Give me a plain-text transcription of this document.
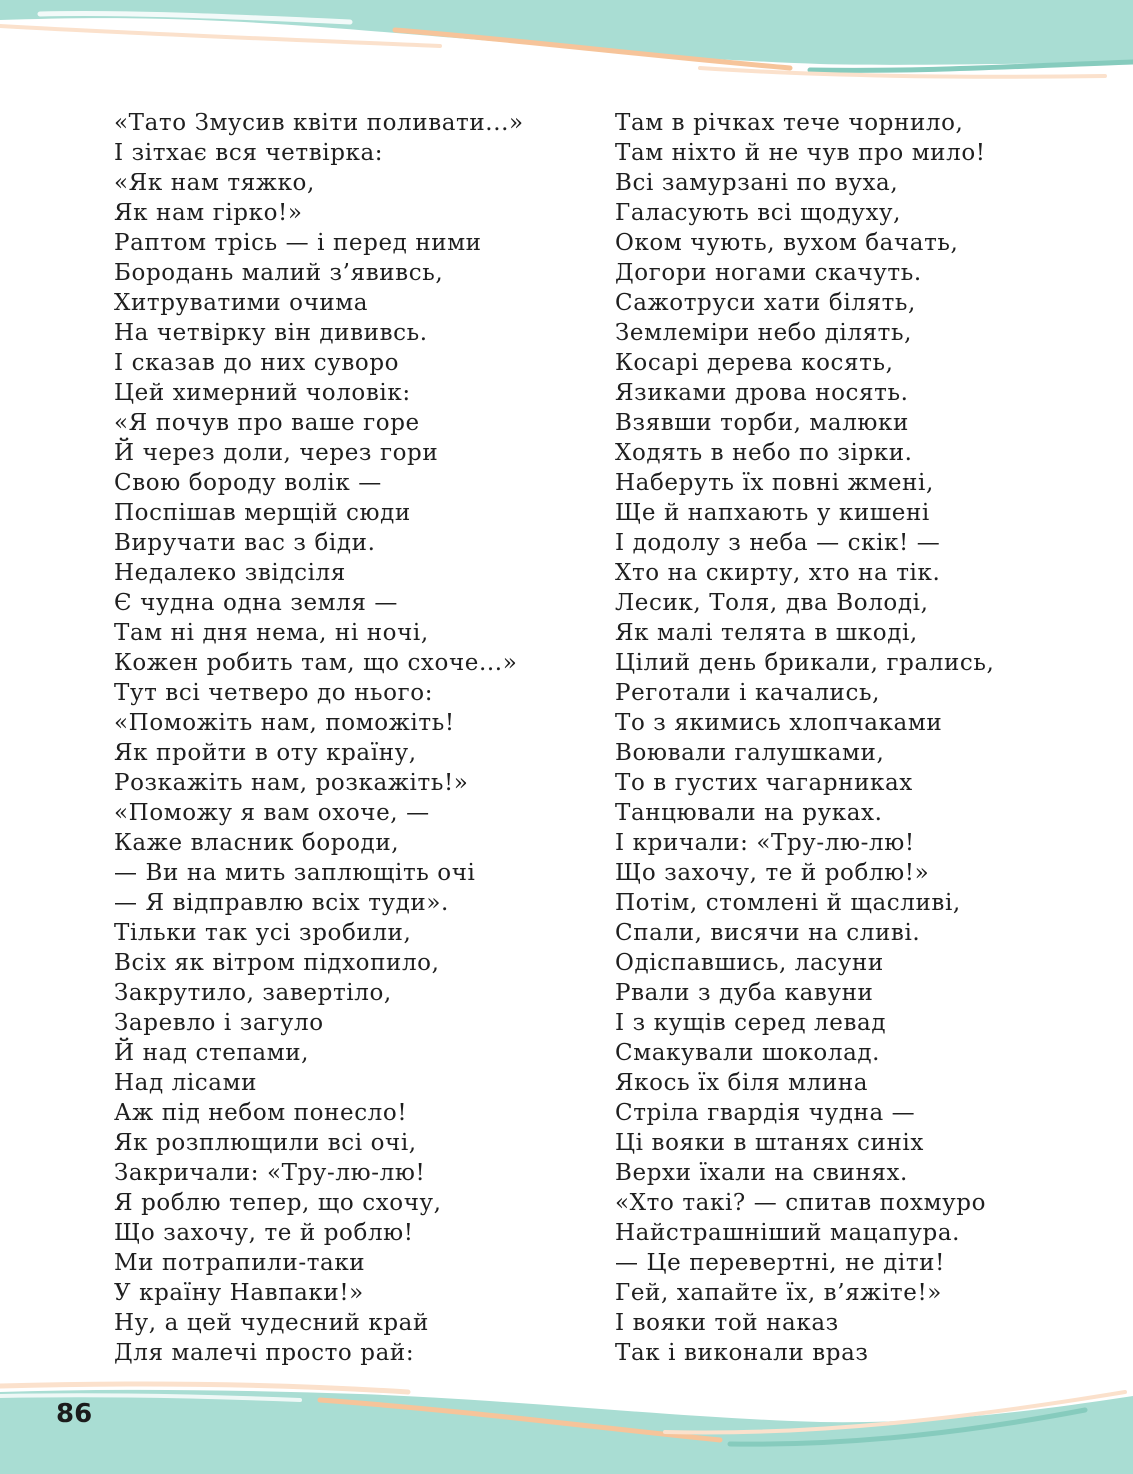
«Тато Змусив квіти поливати...»
І зітхає вся четвірка:
«Як нам тяжко,
Як нам гірко!»
Раптом трісь — і перед ними
Бородань малий з’явивсь,
Хитруватими очима
На четвірку він дививсь.
І сказав до них суворо
Цей химерний чоловік:
«Я почув про ваше горе
Й через доли, через гори
Свою бороду волік —
Поспішав мерщій сюди
Виручати вас з біди.
Недалеко звідсіля
Є чудна одна земля —
Там ні дня нема, ні ночі,
Кожен робить там, що схоче...»
Тут всі четверо до нього:
«Поможіть нам, поможіть!
Як пройти в оту країну,
Розкажіть нам, розкажіть!»
«Поможу я вам охоче, —
Каже власник бороди,
— Ви на мить заплющіть очі
— Я відправлю всіх туди».
Тільки так усі зробили,
Всіх як вітром підхопило,
Закрутило, завертіло,
Заревло і загуло
Й над степами,
Над лісами
Аж під небом понесло!
Як розплющили всі очі,
Закричали: «Тру-лю-лю!
Я роблю тепер, що схочу,
Що захочу, те й роблю!
Ми потрапили-таки
У країну Навпаки!»
Ну, а цей чудесний край
Для малечі просто рай:
Там в річках тече чорнило,
Там ніхто й не чув про мило!
Всі замурзані по вуха,
Галасують всі щодуху,
Оком чують, вухом бачать,
Догори ногами скачуть.
Сажотруси хати білять,
Землеміри небо ділять,
Косарі дерева косять,
Язиками дрова носять.
Взявши торби, малюки
Ходять в небо по зірки.
Наберуть їх повні жмені,
Ще й напхають у кишені
І додолу з неба — скік! —
Хто на скирту, хто на тік.
Лесик, Толя, два Володі,
Як малі телята в шкоді,
Цілий день брикали, грались,
Реготали і качались,
То з якимись хлопчаками
Воювали галушками,
То в густих чагарниках
Танцювали на руках.
І кричали: «Тру-лю-лю!
Що захочу, те й роблю!»
Потім, стомлені й щасливі,
Спали, висячи на сливі.
Одіспавшись, ласуни
Рвали з дуба кавуни
І з кущів серед левад
Смакували шоколад.
Якось їх біля млина
Стріла гвардія чудна —
Ці вояки в штанях синіх
Верхи їхали на свинях.
«Хто такі? — спитав похмуро
Найстрашніший мацапура.
— Це перевертні, не діти!
Гей, хапайте їх, в’яжіте!»
І вояки той наказ
Так і виконали враз
86
